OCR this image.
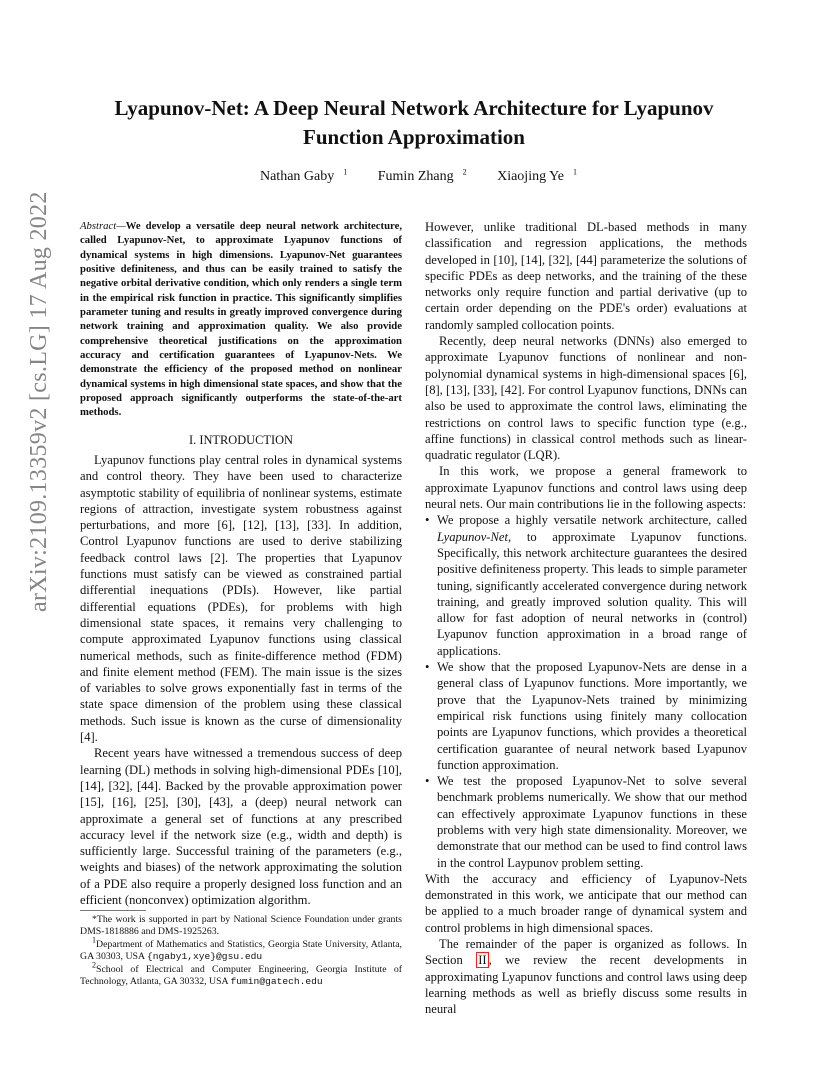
arXiv:2109.13359v2 [cs.LG] 17 Aug 2022
Lyapunov-Net: A Deep Neural Network Architecture for Lyapunov Function Approximation
Nathan Gaby $^1$ Fumin Zhang $^2$ Xiaojing Ye $^1$
Abstract—We develop a versatile deep neural network architecture, called Lyapunov-Net, to approximate Lyapunov functions of dynamical systems in high dimensions. Lyapunov-Net guarantees positive definiteness, and thus can be easily trained to satisfy the negative orbital derivative condition, which only renders a single term in the empirical risk function in practice. This significantly simplifies parameter tuning and results in greatly improved convergence during network training and approximation quality. We also provide comprehensive theoretical justifications on the approximation accuracy and certification guarantees of Lyapunov-Nets. We demonstrate the efficiency of the proposed method on nonlinear dynamical systems in high dimensional state spaces, and show that the proposed approach significantly outperforms the state-of-the-art methods.
I. INTRODUCTION

Lyapunov functions play central roles in dynamical systems and control theory. They have been used to characterize asymptotic stability of equilibria of nonlinear systems, estimate regions of attraction, investigate system robustness against perturbations, and more [6], [12], [13], [33]. In addition, Control Lyapunov functions are used to derive stabilizing feedback control laws [2]. The properties that Lyapunov functions must satisfy can be viewed as constrained partial differential inequations (PDIs). However, like partial differential equations (PDEs), for problems with high dimensional state spaces, it remains very challenging to compute approximated Lyapunov functions using classical numerical methods, such as finite-difference method (FDM) and finite element method (FEM). The main issue is the sizes of variables to solve grows exponentially fast in terms of the state space dimension of the problem using these classical methods. Such issue is known as the curse of dimensionality [4].

Recent years have witnessed a tremendous success of deep learning (DL) methods in solving high-dimensional PDEs [10], [14], [32], [44]. Backed by the provable approximation power [15], [16], [25], [30], [43], a (deep) neural network can approximate a general set of functions at any prescribed accuracy level if the network size (e.g., width and depth) is sufficiently large. Successful training of the parameters (e.g., weights and biases) of the network approximating the solution of a PDE also require a properly designed loss function and an efficient (nonconvex) optimization algorithm.

*The work is supported in part by National Science Foundation under grants DMS-1818886 and DMS-1925263.

$^1$Department of Mathematics and Statistics, Georgia State University, Atlanta, GA 30303, USA {ngaby1,xye}@gsu.edu

$^2$School of Electrical and Computer Engineering, Georgia Institute of Technology, Atlanta, GA 30332, USA fumin@gatech.edu

However, unlike traditional DL-based methods in many classification and regression applications, the methods developed in [10], [14], [32], [44] parameterize the solutions of specific PDEs as deep networks, and the training of the these networks only require function and partial derivative (up to certain order depending on the PDE's order) evaluations at randomly sampled collocation points.

Recently, deep neural networks (DNNs) also emerged to approximate Lyapunov functions of nonlinear and non-polynomial dynamical systems in high-dimensional spaces [6], [8], [13], [33], [42]. For control Lyapunov functions, DNNs can also be used to approximate the control laws, eliminating the restrictions on control laws to specific function type (e.g., affine functions) in classical control methods such as linear-quadratic regulator (LQR).

In this work, we propose a general framework to approximate Lyapunov functions and control laws using deep neural nets. Our main contributions lie in the following aspects:

• We propose a highly versatile network architecture, called Lyapunov-Net, to approximate Lyapunov functions. Specifically, this network architecture guarantees the desired positive definiteness property. This leads to simple parameter tuning, significantly accelerated convergence during network training, and greatly improved solution quality. This will allow for fast adoption of neural networks in (control) Lyapunov function approximation in a broad range of applications.
• We show that the proposed Lyapunov-Nets are dense in a general class of Lyapunov functions. More importantly, we prove that the Lyapunov-Nets trained by minimizing empirical risk functions using finitely many collocation points are Lyapunov functions, which provides a theoretical certification guarantee of neural network based Lyapunov function approximation.
• We test the proposed Lyapunov-Net to solve several benchmark problems numerically. We show that our method can effectively approximate Lyapunov functions in these problems with very high state dimensionality. Moreover, we demonstrate that our method can be used to find control laws in the control Laypunov problem setting.

With the accuracy and efficiency of Lyapunov-Nets demonstrated in this work, we anticipate that our method can be applied to a much broader range of dynamical system and control problems in high dimensional spaces.

The remainder of the paper is organized as follows. In Section II , we review the recent developments in approximating Lyapunov functions and control laws using deep learning methods as well as briefly discuss some results in neural
